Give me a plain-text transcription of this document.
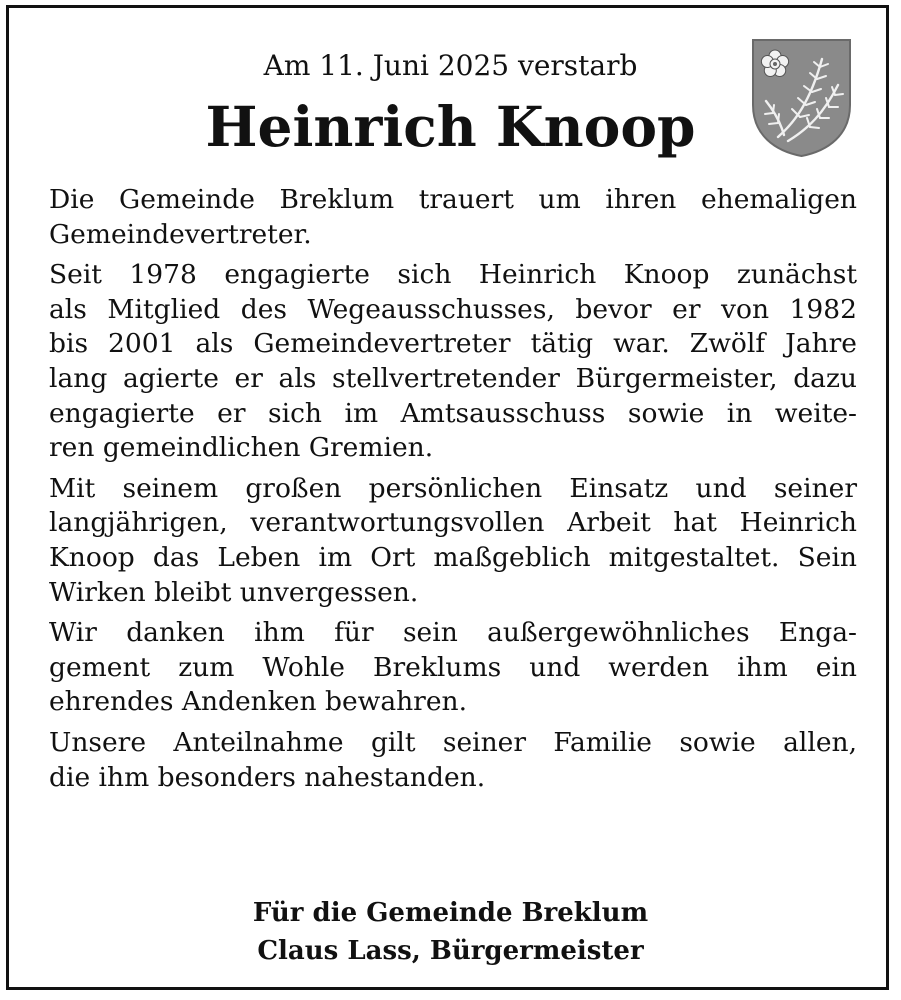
Am 11. Juni 2025 verstarb
Heinrich Knoop

Die Gemeinde Breklum trauert um ihren ehemaligen
Gemeindevertreter.

Seit 1978 engagierte sich Heinrich Knoop zunächst
als Mitglied des Wegeausschusses, bevor er von 1982
bis 2001 als Gemeindevertreter tätig war. Zwölf Jahre
lang agierte er als stellvertretender Bürgermeister, dazu
engagierte er sich im Amtsausschuss sowie in weite-
ren gemeindlichen Gremien.

Mit seinem großen persönlichen Einsatz und seiner
langjährigen, verantwortungsvollen Arbeit hat Heinrich
Knoop das Leben im Ort maßgeblich mitgestaltet. Sein
Wirken bleibt unvergessen.

Wir danken ihm für sein außergewöhnliches Enga-
gement zum Wohle Breklums und werden ihm ein
ehrendes Andenken bewahren.

Unsere Anteilnahme gilt seiner Familie sowie allen,
die ihm besonders nahestanden.

Für die Gemeinde Breklum
Claus Lass, Bürgermeister
